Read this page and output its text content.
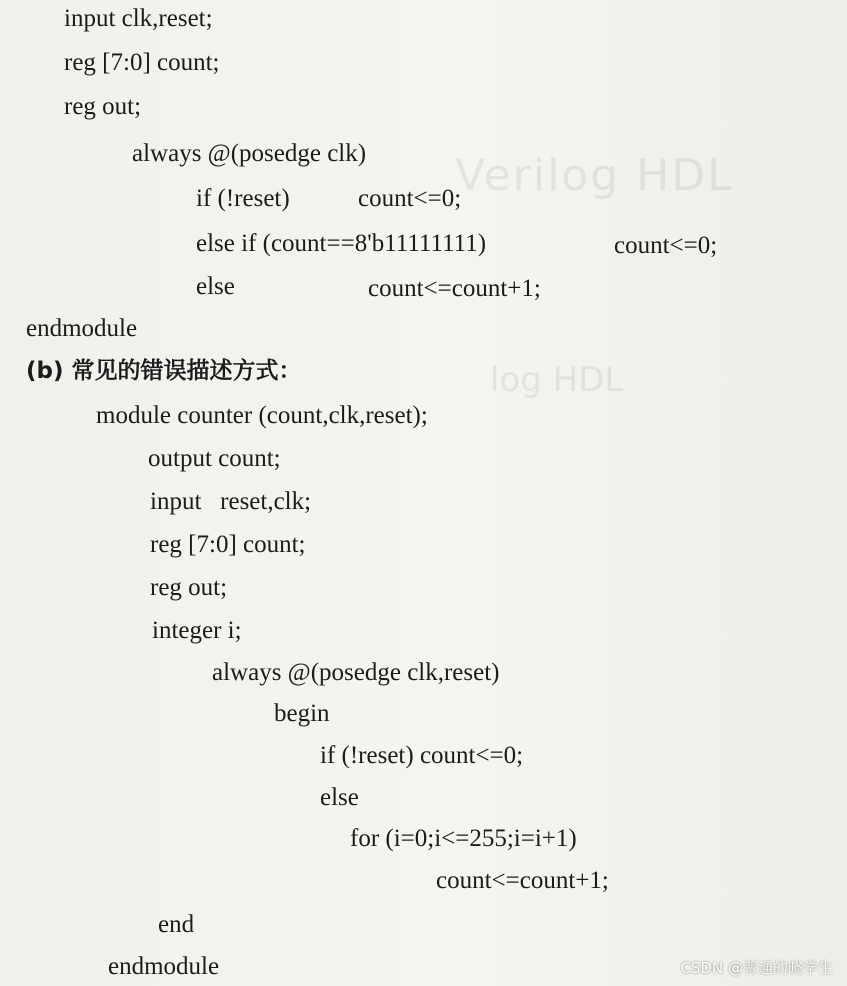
Verilog HDL
log HDL
input clk,reset;
reg [7:0] count;
reg out;
always @(posedge clk)
if (!reset)	count<=0;
else if (count==8'b11111111)	count<=0;
else	count<=count+1;
endmodule
(b) 常见的错误描述方式：
module counter (count,clk,reset);
output count;
input   reset,clk;
reg [7:0] count;
reg out;
integer i;
always @(posedge clk,reset)
begin
if (!reset) count<=0;
else
for (i=0;i<=255;i=i+1)
count<=count+1;
end
endmodule	CSDN @普通的晓学生
